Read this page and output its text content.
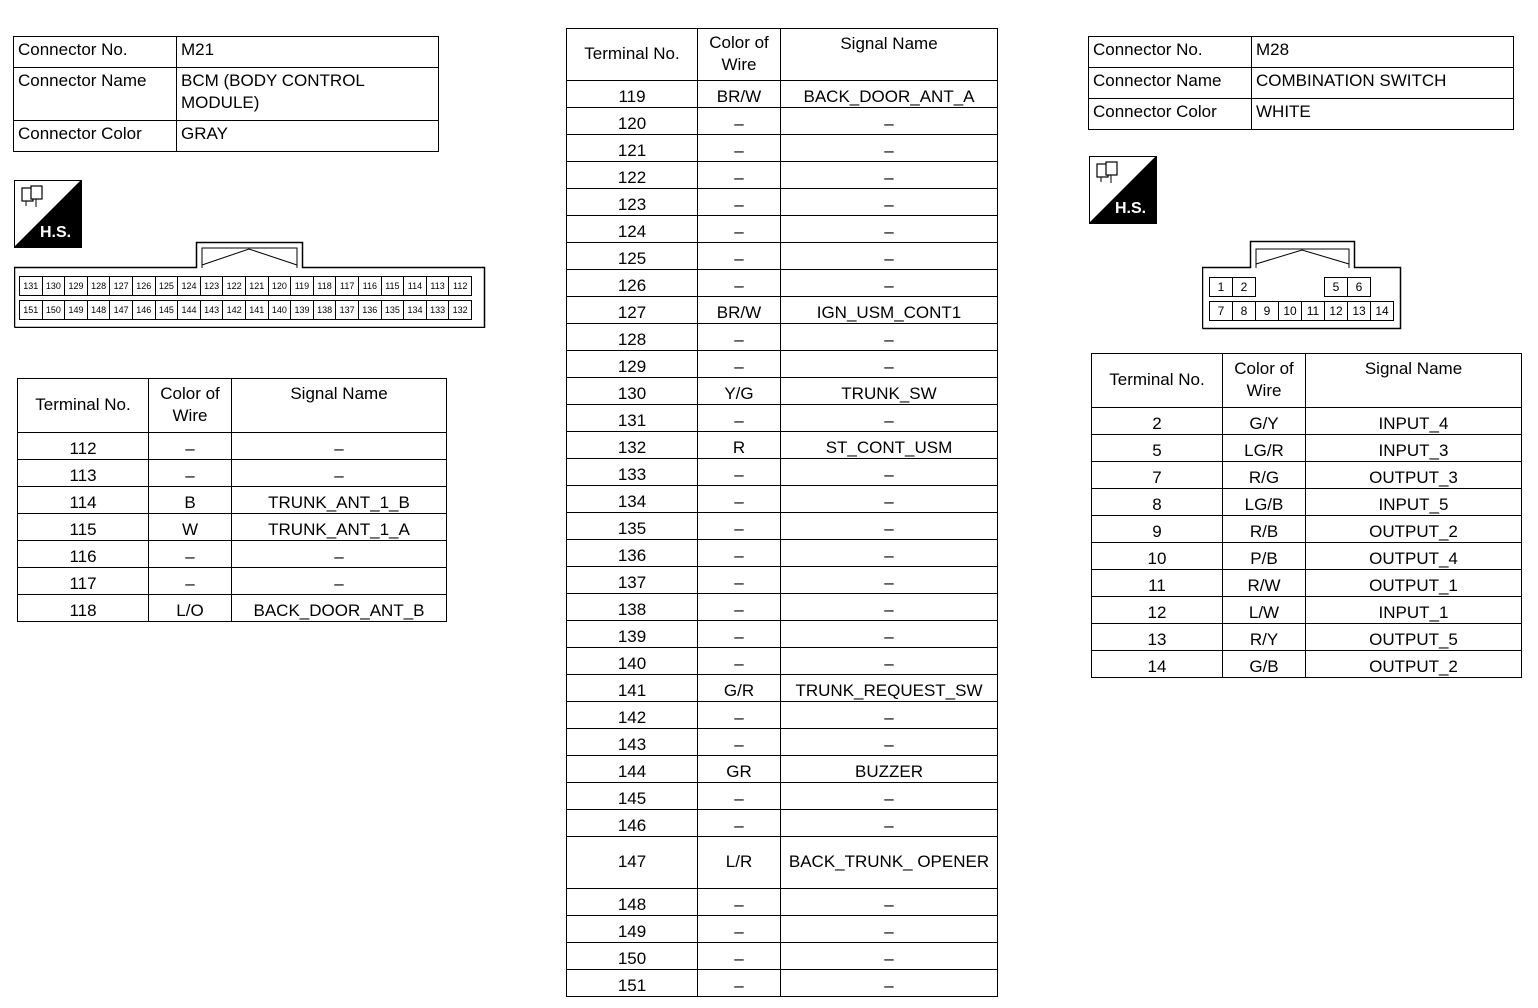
Connector No.	M21
Connector Name	BCM (BODY CONTROL MODULE)
Connector Color	GRAY
H.S.
131 130 129 128 127 126 125 124 123 122 121 120 119 118 117 116 115 114 113 112
151 150 149 148 147 146 145 144 143 142 141 140 139 138 137 136 135 134 133 132
Terminal No.	Color of Wire	Signal Name
112	–	–
113	–	–
114	B	TRUNK_ANT_1_B
115	W	TRUNK_ANT_1_A
116	–	–
117	–	–
118	L/O	BACK_DOOR_ANT_B
Terminal No.	Color of Wire	Signal Name
119	BR/W	BACK_DOOR_ANT_A
120	–	–
121	–	–
122	–	–
123	–	–
124	–	–
125	–	–
126	–	–
127	BR/W	IGN_USM_CONT1
128	–	–
129	–	–
130	Y/G	TRUNK_SW
131	–	–
132	R	ST_CONT_USM
133	–	–
134	–	–
135	–	–
136	–	–
137	–	–
138	–	–
139	–	–
140	–	–
141	G/R	TRUNK_REQUEST_SW
142	–	–
143	–	–
144	GR	BUZZER
145	–	–
146	–	–
147	L/R	BACK_TRUNK_ OPENER
148	–	–
149	–	–
150	–	–
151	–	–
Connector No.	M28
Connector Name	COMBINATION SWITCH
Connector Color	WHITE
H.S.
1	2	5	6
7	8	9	10 11 12 13 14
Terminal No.	Color of Wire	Signal Name
2	G/Y	INPUT_4
5	LG/R	INPUT_3
7	R/G	OUTPUT_3
8	LG/B	INPUT_5
9	R/B	OUTPUT_2
10	P/B	OUTPUT_4
11	R/W	OUTPUT_1
12	L/W	INPUT_1
13	R/Y	OUTPUT_5
14	G/B	OUTPUT_2
